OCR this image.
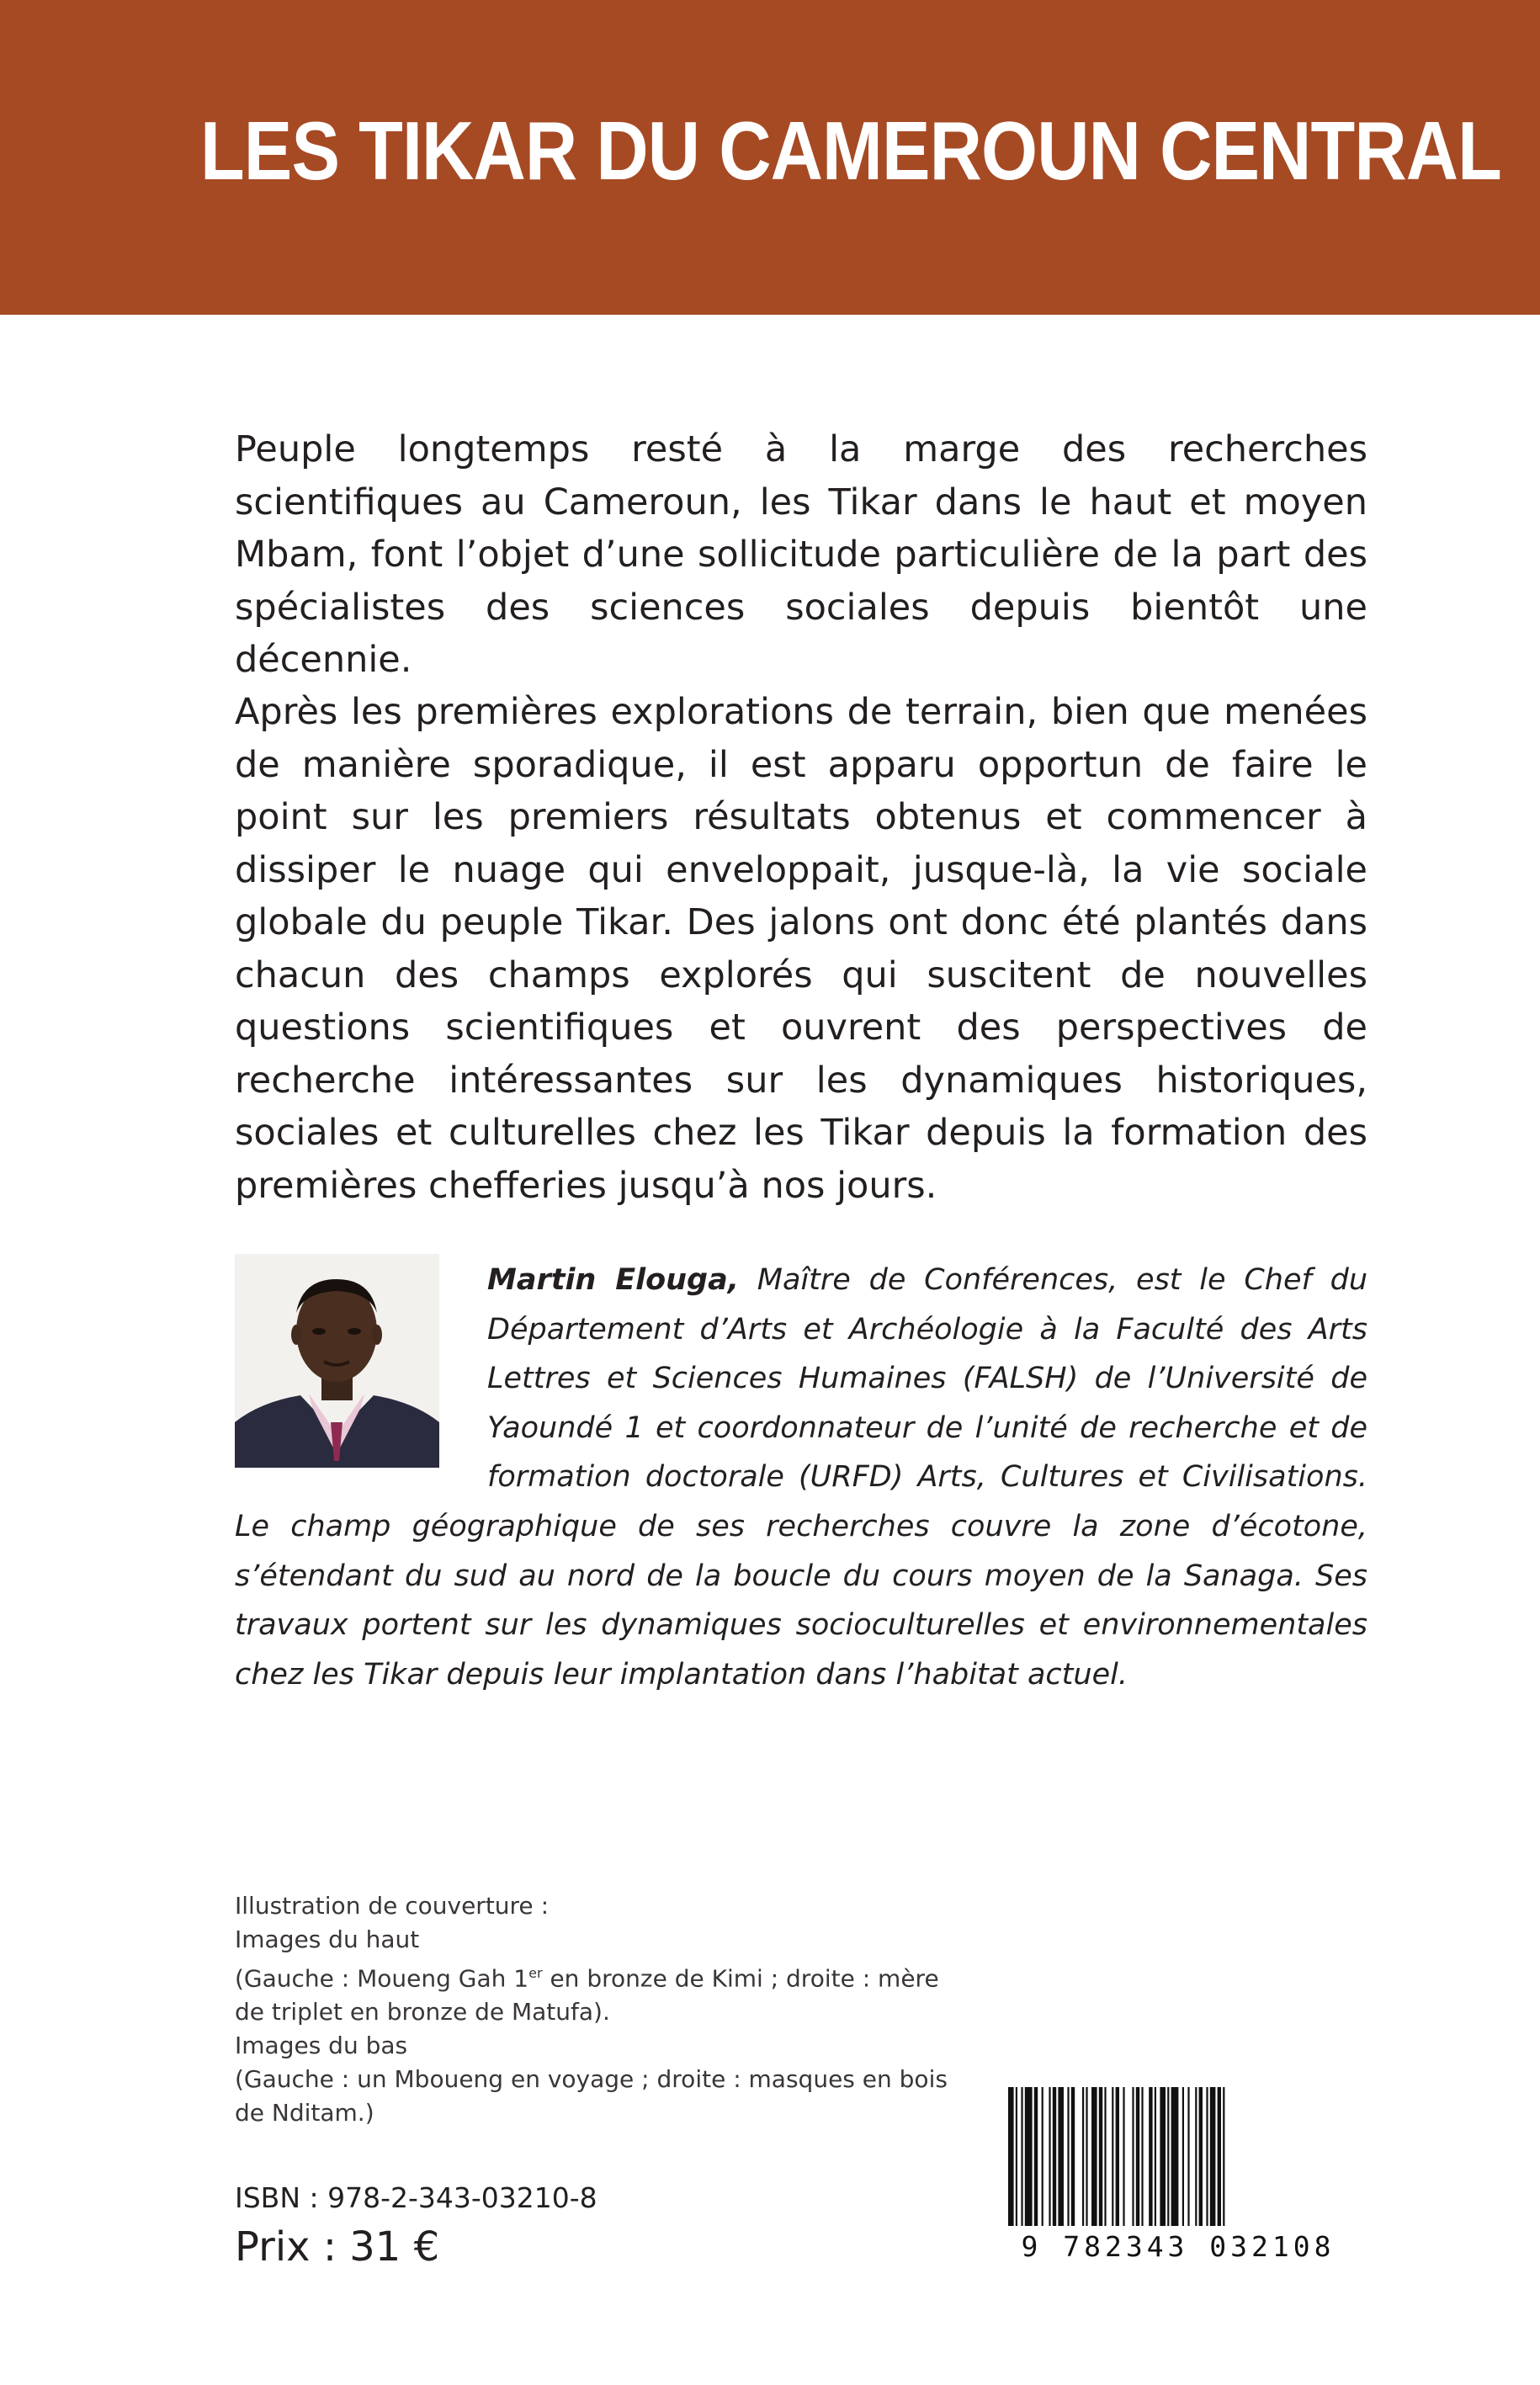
LES TIKAR DU CAMEROUN CENTRAL

Peuple longtemps resté à la marge des recherches scientifiques au Cameroun, les Tikar dans le haut et moyen Mbam, font l’objet d’une sollicitude particulière de la part des spécialistes des sciences sociales depuis bientôt une décennie.

Après les premières explorations de terrain, bien que menées de manière sporadique, il est apparu opportun de faire le point sur les premiers résultats obtenus et commencer à dissiper le nuage qui enveloppait, jusque-là, la vie sociale globale du peuple Tikar. Des jalons ont donc été plantés dans chacun des champs explorés qui suscitent de nouvelles questions scientifiques et ouvrent des perspectives de recherche intéressantes sur les dynamiques historiques, sociales et culturelles chez les Tikar depuis la formation des premières chefferies jusqu’à nos jours.

Martin Elouga, Maître de Conférences, est le Chef du Département d’Arts et Archéologie à la Faculté des Arts Lettres et Sciences Humaines (FALSH) de l’Université de Yaoundé 1 et coordonnateur de l’unité de recherche et de formation doctorale (URFD) Arts, Cultures et Civilisations. Le champ géographique de ses recherches couvre la zone d’écotone, s’étendant du sud au nord de la boucle du cours moyen de la Sanaga. Ses travaux portent sur les dynamiques socioculturelles et environnementales chez les Tikar depuis leur implantation dans l’habitat actuel.

Illustration de couverture :
Images du haut
(Gauche : Moueng Gah 1er en bronze de Kimi ; droite : mère
de triplet en bronze de Matufa).
Images du bas
(Gauche : un Mboueng en voyage ; droite : masques en bois
de Nditam.)
ISBN : 978-2-343-03210-8
Prix : 31 €	9 782343 032108
